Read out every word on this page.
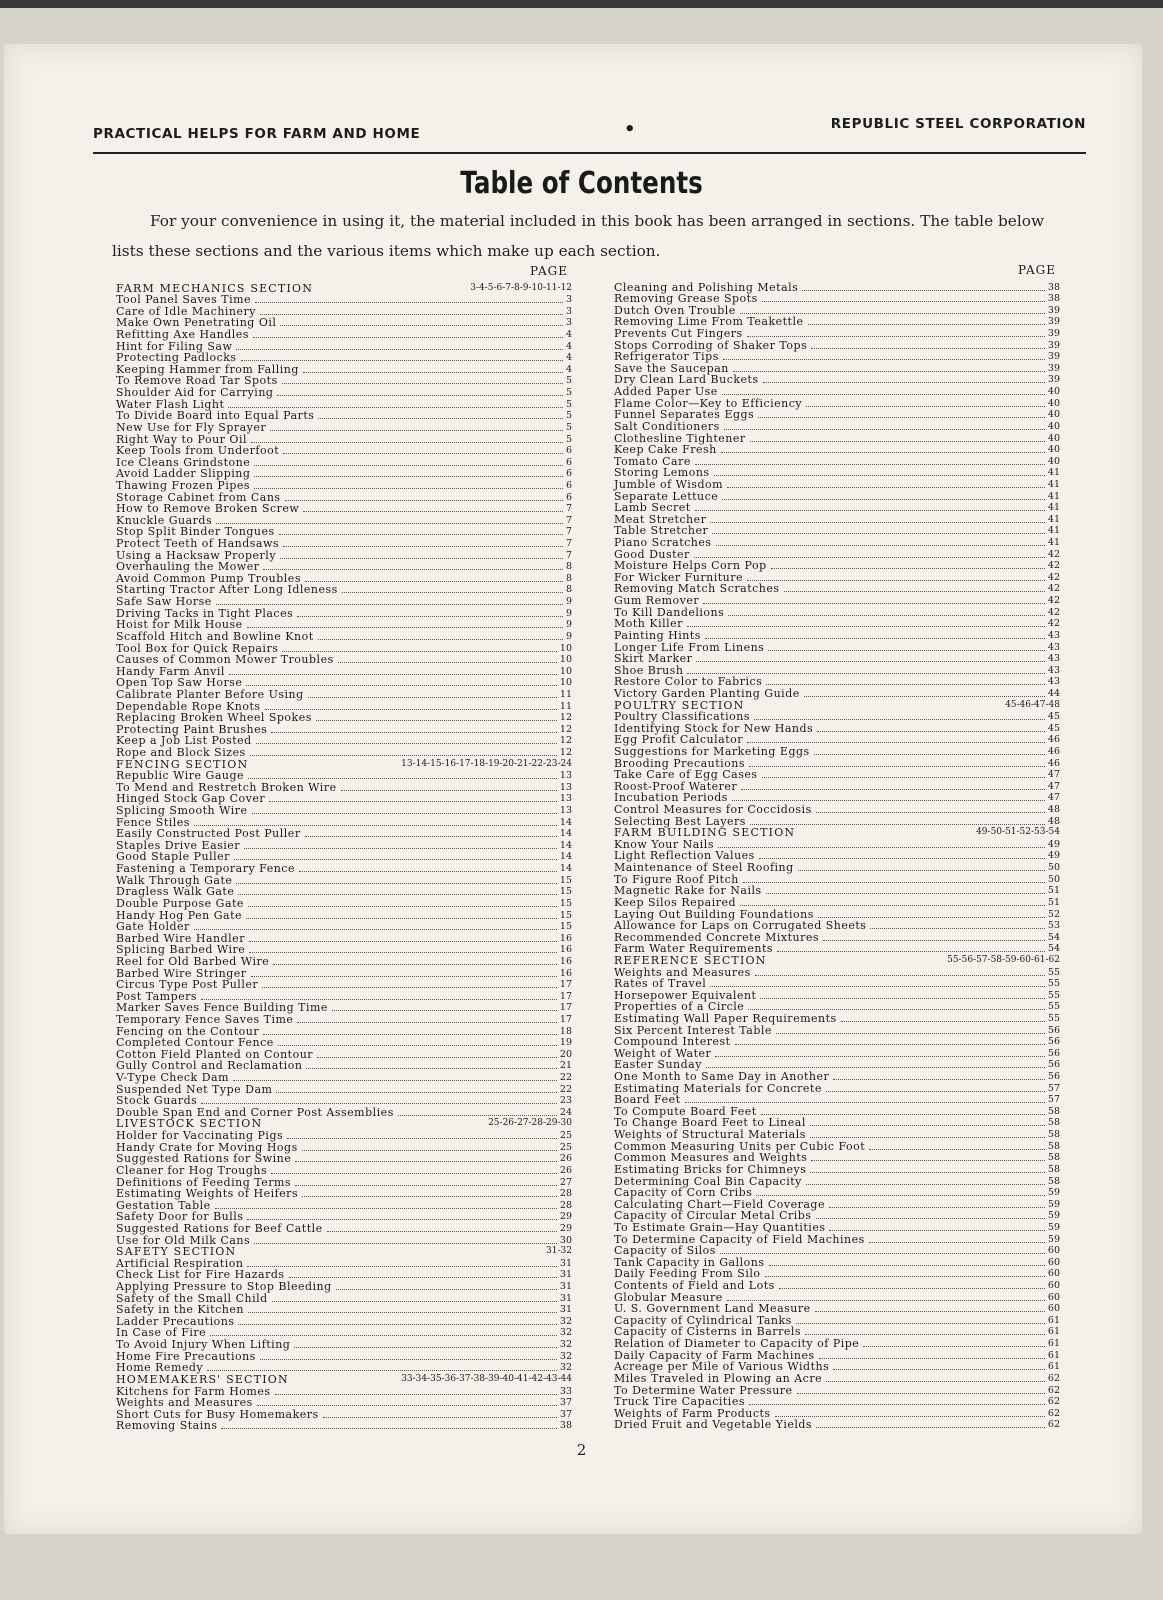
PRACTICAL HELPS FOR FARM AND HOME	•	REPUBLIC STEEL CORPORATION
Table of Contents
For your convenience in using it, the material included in this book has been arranged in sections. The table below lists these sections and the various items which make up each section.
PAGE
FARM MECHANICS SECTION	3-4-5-6-7-8-9-10-11-12
Tool Panel Saves Time	3
Care of Idle Machinery	3
Make Own Penetrating Oil	3
Refitting Axe Handles	4
Hint for Filing Saw	4
Protecting Padlocks	4
Keeping Hammer from Falling	4
To Remove Road Tar Spots	5
Shoulder Aid for Carrying	5
Water Flash Light	5
To Divide Board into Equal Parts	5
New Use for Fly Sprayer	5
Right Way to Pour Oil	5
Keep Tools from Underfoot	6
Ice Cleans Grindstone	6
Avoid Ladder Slipping	6
Thawing Frozen Pipes	6
Storage Cabinet from Cans	6
How to Remove Broken Screw	7
Knuckle Guards	7
Stop Split Binder Tongues	7
Protect Teeth of Handsaws	7
Using a Hacksaw Properly	7
Overhauling the Mower	8
Avoid Common Pump Troubles	8
Starting Tractor After Long Idleness	8
Safe Saw Horse	9
Driving Tacks in Tight Places	9
Hoist for Milk House	9
Scaffold Hitch and Bowline Knot	9
Tool Box for Quick Repairs	10
Causes of Common Mower Troubles	10
Handy Farm Anvil	10
Open Top Saw Horse	10
Calibrate Planter Before Using	11
Dependable Rope Knots	11
Replacing Broken Wheel Spokes	12
Protecting Paint Brushes	12
Keep a Job List Posted	12
Rope and Block Sizes	12
FENCING SECTION	13-14-15-16-17-18-19-20-21-22-23-24
Republic Wire Gauge	13
To Mend and Restretch Broken Wire	13
Hinged Stock Gap Cover	13
Splicing Smooth Wire	13
Fence Stiles	14
Easily Constructed Post Puller	14
Staples Drive Easier	14
Good Staple Puller	14
Fastening a Temporary Fence	14
Walk Through Gate	15
Dragless Walk Gate	15
Double Purpose Gate	15
Handy Hog Pen Gate	15
Gate Holder	15
Barbed Wire Handler	16
Splicing Barbed Wire	16
Reel for Old Barbed Wire	16
Barbed Wire Stringer	16
Circus Type Post Puller	17
Post Tampers	17
Marker Saves Fence Building Time	17
Temporary Fence Saves Time	17
Fencing on the Contour	18
Completed Contour Fence	19
Cotton Field Planted on Contour	20
Gully Control and Reclamation	21
V-Type Check Dam	22
Suspended Net Type Dam	22
Stock Guards	23
Double Span End and Corner Post Assemblies	24
LIVESTOCK SECTION	25-26-27-28-29-30
Holder for Vaccinating Pigs	25
Handy Crate for Moving Hogs	25
Suggested Rations for Swine	26
Cleaner for Hog Troughs	26
Definitions of Feeding Terms	27
Estimating Weights of Heifers	28
Gestation Table	28
Safety Door for Bulls	29
Suggested Rations for Beef Cattle	29
Use for Old Milk Cans	30
SAFETY SECTION	31-32
Artificial Respiration	31
Check List for Fire Hazards	31
Applying Pressure to Stop Bleeding	31
Safety of the Small Child	31
Safety in the Kitchen	31
Ladder Precautions	32
In Case of Fire	32
To Avoid Injury When Lifting	32
Home Fire Precautions	32
Home Remedy	32
HOMEMAKERS' SECTION	33-34-35-36-37-38-39-40-41-42-43-44
Kitchens for Farm Homes	33
Weights and Measures	37
Short Cuts for Busy Homemakers	37
Removing Stains	38
PAGE
Cleaning and Polishing Metals	38
Removing Grease Spots	38
Dutch Oven Trouble	39
Removing Lime From Teakettle	39
Prevents Cut Fingers	39
Stops Corroding of Shaker Tops	39
Refrigerator Tips	39
Save the Saucepan	39
Dry Clean Lard Buckets	39
Added Paper Use	40
Flame Color—Key to Efficiency	40
Funnel Separates Eggs	40
Salt Conditioners	40
Clothesline Tightener	40
Keep Cake Fresh	40
Tomato Care	40
Storing Lemons	41
Jumble of Wisdom	41
Separate Lettuce	41
Lamb Secret	41
Meat Stretcher	41
Table Stretcher	41
Piano Scratches	41
Good Duster	42
Moisture Helps Corn Pop	42
For Wicker Furniture	42
Removing Match Scratches	42
Gum Remover	42
To Kill Dandelions	42
Moth Killer	42
Painting Hints	43
Longer Life From Linens	43
Skirt Marker	43
Shoe Brush	43
Restore Color to Fabrics	43
Victory Garden Planting Guide	44
POULTRY SECTION	45-46-47-48
Poultry Classifications	45
Identifying Stock for New Hands	45
Egg Profit Calculator	46
Suggestions for Marketing Eggs	46
Brooding Precautions	46
Take Care of Egg Cases	47
Roost-Proof Waterer	47
Incubation Periods	47
Control Measures for Coccidosis	48
Selecting Best Layers	48
FARM BUILDING SECTION	49-50-51-52-53-54
Know Your Nails	49
Light Reflection Values	49
Maintenance of Steel Roofing	50
To Figure Roof Pitch	50
Magnetic Rake for Nails	51
Keep Silos Repaired	51
Laying Out Building Foundations	52
Allowance for Laps on Corrugated Sheets	53
Recommended Concrete Mixtures	54
Farm Water Requirements	54
REFERENCE SECTION	55-56-57-58-59-60-61-62
Weights and Measures	55
Rates of Travel	55
Horsepower Equivalent	55
Properties of a Circle	55
Estimating Wall Paper Requirements	55
Six Percent Interest Table	56
Compound Interest	56
Weight of Water	56
Easter Sunday	56
One Month to Same Day in Another	56
Estimating Materials for Concrete	57
Board Feet	57
To Compute Board Feet	58
To Change Board Feet to Lineal	58
Weights of Structural Materials	58
Common Measuring Units per Cubic Foot	58
Common Measures and Weights	58
Estimating Bricks for Chimneys	58
Determining Coal Bin Capacity	58
Capacity of Corn Cribs	59
Calculating Chart—Field Coverage	59
Capacity of Circular Metal Cribs	59
To Estimate Grain—Hay Quantities	59
To Determine Capacity of Field Machines	59
Capacity of Silos	60
Tank Capacity in Gallons	60
Daily Feeding From Silo	60
Contents of Field and Lots	60
Globular Measure	60
U. S. Government Land Measure	60
Capacity of Cylindrical Tanks	61
Capacity of Cisterns in Barrels	61
Relation of Diameter to Capacity of Pipe	61
Daily Capacity of Farm Machines	61
Acreage per Mile of Various Widths	61
Miles Traveled in Plowing an Acre	62
To Determine Water Pressure	62
Truck Tire Capacities	62
Weights of Farm Products	62
Dried Fruit and Vegetable Yields	62
2
